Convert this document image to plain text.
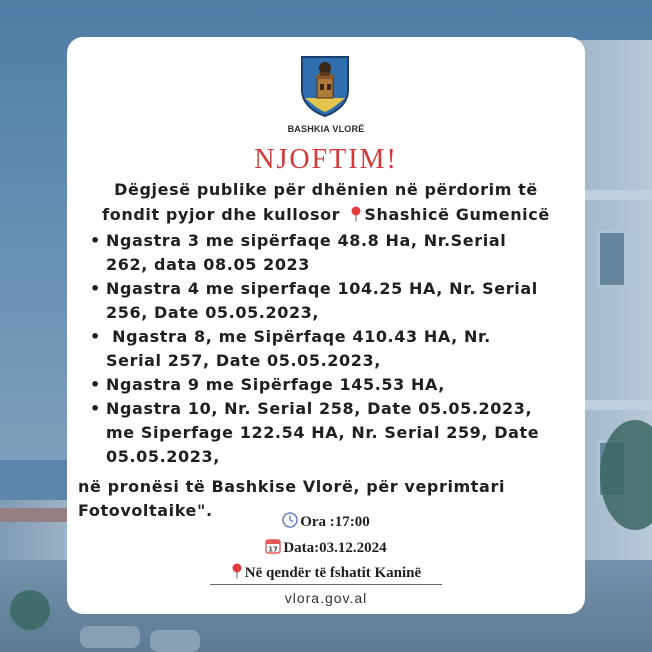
BASHKIA VLORË
NJOFTIM!
Dëgjesë publike për dhënien në përdorim të
fondit pyjor dhe kullosor Shashicë Gumenicë
• Ngastra 3 me sipërfaqe 48.8 Ha, Nr.Serial
262, data 08.05 2023
• Ngastra 4 me siperfaqe 104.25 HA, Nr. Serial
256, Date 05.05.2023,
• Ngastra 8, me Sipërfaqe 410.43 HA, Nr.
Serial 257, Date 05.05.2023,
• Ngastra 9 me Sipërfage 145.53 HA,
• Ngastra 10, Nr. Serial 258, Date 05.05.2023,
me Siperfage 122.54 HA, Nr. Serial 259, Date
05.05.2023,
në pronësi të Bashkise Vlorë, për veprimtari
Fotovoltaike".
Ora :17:00
17 Data:03.12.2024
Në qendër të fshatit Kaninë
vlora.gov.al
